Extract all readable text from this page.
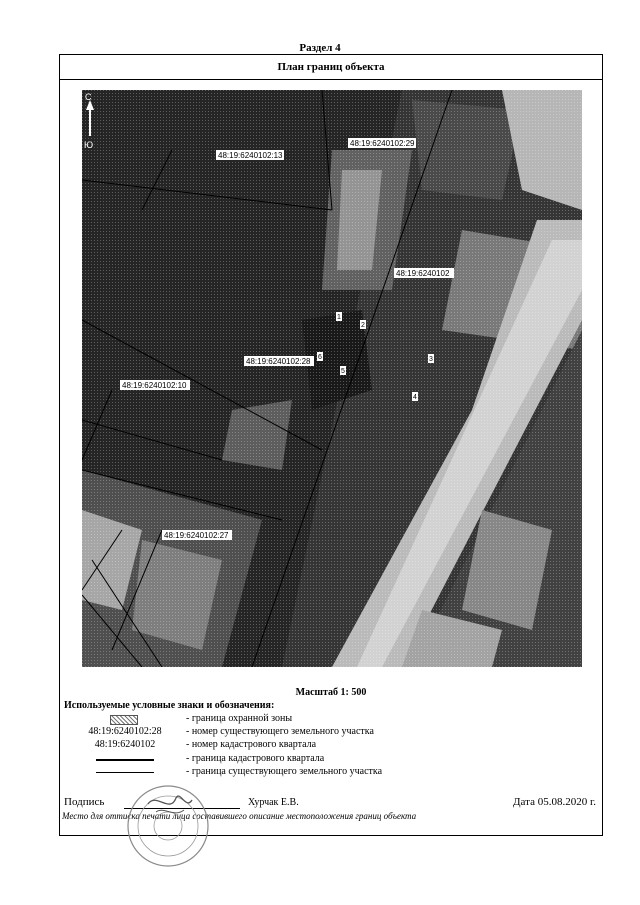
Раздел 4
План границ объекта
С
Ю
48:19:6240102:13
48:19:6240102:29
48:19:6240102:28
48:19:6240102:10
48:19:6240102:27
48:19:6240102
1
2
3
4
5
6
Масштаб 1: 500
Используемые условные знаки и обозначения:
- граница охранной зоны
48:19:6240102:28	- номер существующего земельного участка
48:19:6240102	- номер кадастрового квартала
- граница кадастрового квартала
- граница существующего земельного участка
Подпись	Хурчак Е.В.	Дата 05.08.2020 г.
Место для оттиска печати лица составившего описание местоположения границ объекта
